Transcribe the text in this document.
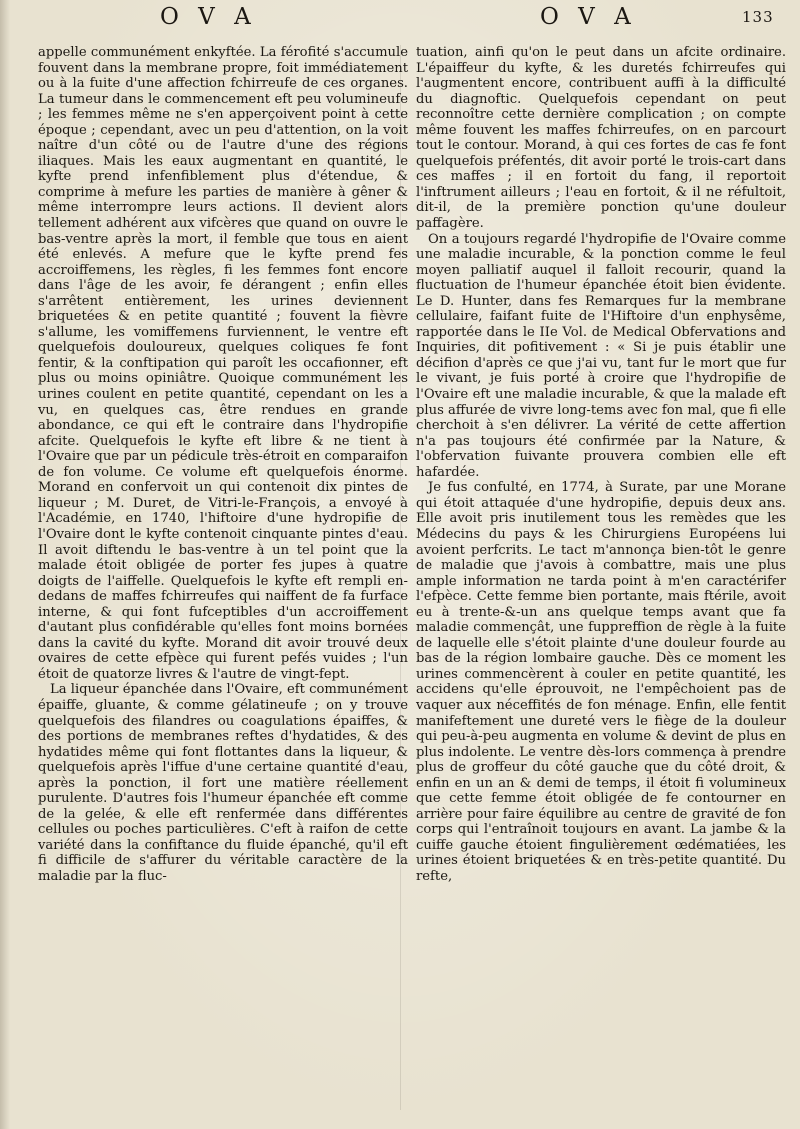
O V A	O V A	133

appelle communément enkyftée. La férofité s'accumule fouvent dans la membrane propre, foit immédiatement ou à la fuite d'une affection fchirreufe de ces organes. La tumeur dans le commencement eft peu volumineufe ; les femmes même ne s'en apperçoivent point à cette époque ; cependant, avec un peu d'attention, on la voit naître d'un côté ou de l'autre d'une des régions iliaques. Mais les eaux augmentant en quantité, le kyfte prend infenfiblement plus d'étendue, & comprime à mefure les parties de manière à gêner & même interrompre leurs actions. Il devient alors tellement adhérent aux vifcères que quand on ouvre le bas-ventre après la mort, il femble que tous en aient été enlevés. A mefure que le kyfte prend fes accroiffemens, les règles, fi les femmes font encore dans l'âge de les avoir, fe dérangent ; enfin elles s'arrêtent entièrement, les urines deviennent briquetées & en petite quantité ; fouvent la fièvre s'allume, les vomiffemens furviennent, le ventre eft quelquefois douloureux, quelques coliques fe font fentir, & la conftipation qui paroît les occafionner, eft plus ou moins opiniâtre. Quoique communément les urines coulent en petite quantité, cependant on les a vu, en quelques cas, être rendues en grande abondance, ce qui eft le contraire dans l'hydropifie afcite. Quelquefois le kyfte eft libre & ne tient à l'Ovaire que par un pédicule très-étroit en comparaifon de fon volume. Ce volume eft quelquefois énorme. Morand en confervoit un qui contenoit dix pintes de liqueur ; M. Duret, de Vitri-le-François, a envoyé à l'Académie, en 1740, l'hiftoire d'une hydropifie de l'Ovaire dont le kyfte contenoit cinquante pintes d'eau. Il avoit diftendu le bas-ventre à un tel point que la malade étoit obligée de porter fes jupes à quatre doigts de l'aiffelle. Quelquefois le kyfte eft rempli en-dedans de maffes fchirreufes qui naiffent de fa furface interne, & qui font fufceptibles d'un accroiffement d'autant plus confidérable qu'elles font moins bornées dans la cavité du kyfte. Morand dit avoir trouvé deux ovaires de cette efpèce qui furent pefés vuides ; l'un étoit de quatorze livres & l'autre de vingt-fept.

La liqueur épanchée dans l'Ovaire, eft communément épaiffe, gluante, & comme gélatineufe ; on y trouve quelquefois des filandres ou coagulations épaiffes, & des portions de membranes reftes d'hydatides, & des hydatides même qui font flottantes dans la liqueur, & quelquefois après l'iffue d'une certaine quantité d'eau, après la ponction, il fort une matière réellement purulente. D'autres fois l'humeur épanchée eft comme de la gelée, & elle eft renfermée dans différentes cellules ou poches particulières. C'eft à raifon de cette variété dans la confiftance du fluide épanché, qu'il eft fi difficile de s'affurer du véritable caractère de la maladie par la fluc-

tuation, ainfi qu'on le peut dans un afcite ordinaire. L'épaiffeur du kyfte, & les duretés fchirreufes qui l'augmentent encore, contribuent auffi à la difficulté du diagnoftic. Quelquefois cependant on peut reconnoître cette dernière complication ; on compte même fouvent les maffes fchirreufes, on en parcourt tout le contour. Morand, à qui ces fortes de cas fe font quelquefois préfentés, dit avoir porté le trois-cart dans ces maffes ; il en fortoit du fang, il reportoit l'inftrument ailleurs ; l'eau en fortoit, & il ne réfultoit, dit-il, de la première ponction qu'une douleur paffagère.

On a toujours regardé l'hydropifie de l'Ovaire comme une maladie incurable, & la ponction comme le feul moyen palliatif auquel il falloit recourir, quand la fluctuation de l'humeur épanchée étoit bien évidente. Le D. Hunter, dans fes Remarques fur la membrane cellulaire, faifant fuite de l'Hiftoire d'un enphysême, rapportée dans le IIe Vol. de Medical Obfervations and Inquiries, dit pofitivement : « Si je puis établir une décifion d'après ce que j'ai vu, tant fur le mort que fur le vivant, je fuis porté à croire que l'hydropifie de l'Ovaire eft une maladie incurable, & que la malade eft plus affurée de vivre long-tems avec fon mal, que fi elle cherchoit à s'en délivrer. La vérité de cette affertion n'a pas toujours été confirmée par la Nature, & l'obfervation fuivante prouvera combien elle eft hafardée.

Je fus confulté, en 1774, à Surate, par une Morane qui étoit attaquée d'une hydropifie, depuis deux ans. Elle avoit pris inutilement tous les remèdes que les Médecins du pays & les Chirurgiens Européens lui avoient perfcrits. Le tact m'annonça bien-tôt le genre de maladie que j'avois à combattre, mais une plus ample information ne tarda point à m'en caractérifer l'efpèce. Cette femme bien portante, mais ftérile, avoit eu à trente-&-un ans quelque temps avant que fa maladie commençât, une fuppreffion de règle à la fuite de laquelle elle s'étoit plainte d'une douleur fourde au bas de la région lombaire gauche. Dès ce moment les urines commencèrent à couler en petite quantité, les accidens qu'elle éprouvoit, ne l'empêchoient pas de vaquer aux néceffités de fon ménage. Enfin, elle fentit manifeftement une dureté vers le fiège de la douleur qui peu-à-peu augmenta en volume & devint de plus en plus indolente. Le ventre dès-lors commença à prendre plus de groffeur du côté gauche que du côté droit, & enfin en un an & demi de temps, il étoit fi volumineux que cette femme étoit obligée de fe contourner en arrière pour faire équilibre au centre de gravité de fon corps qui l'entraînoit toujours en avant. La jambe & la cuiffe gauche étoient fingulièrement œdématiées, les urines étoient briquetées & en très-petite quantité. Du refte,
